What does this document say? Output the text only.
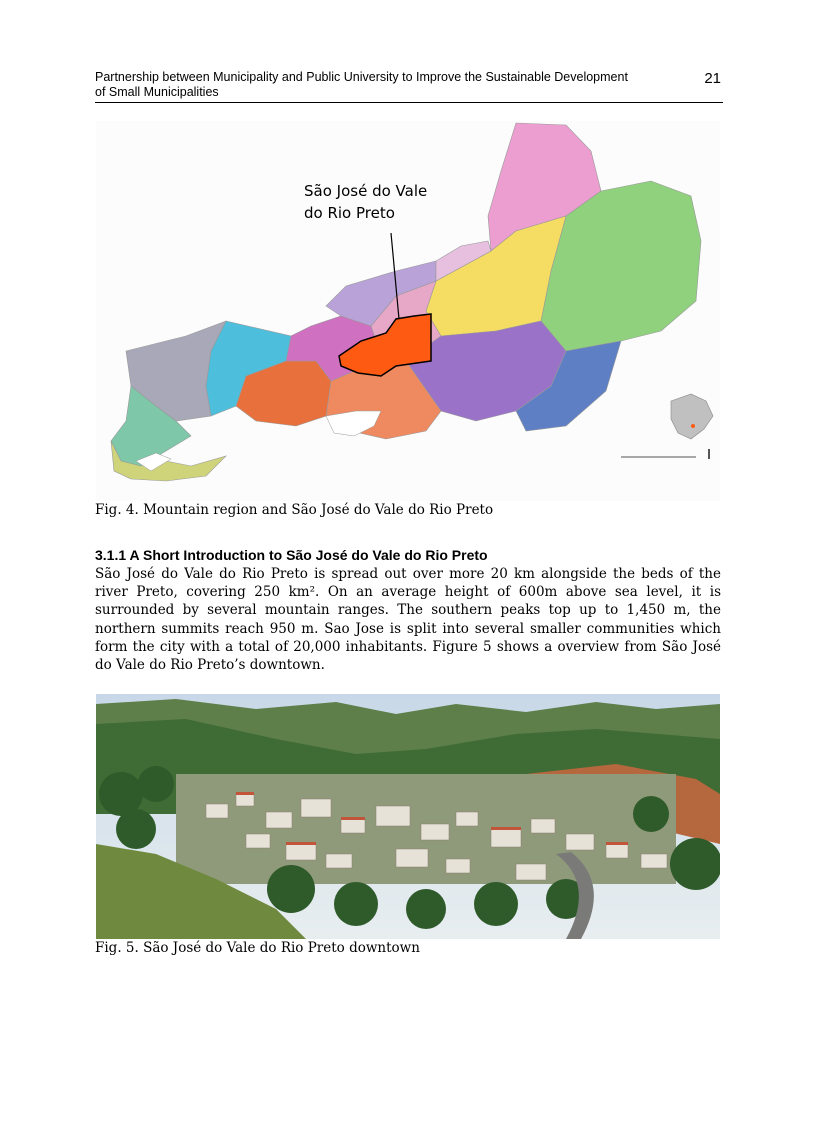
Partnership between Municipality and Public University to Improve the Sustainable Development of Small Municipalities
21
São José do Vale
do Rio Preto
Fig. 4. Mountain region and São José do Vale do Rio Preto
3.1.1 A Short Introduction to São José do Vale do Rio Preto

São José do Vale do Rio Preto is spread out over more 20 km alongside the beds of the river Preto, covering 250 km². On an average height of 600m above sea level, it is surrounded by several mountain ranges. The southern peaks top up to 1,450 m, the northern summits reach 950 m. Sao Jose is split into several smaller communities which form the city with a total of 20,000 inhabitants. Figure 5 shows a overview from São José do Vale do Rio Preto’s downtown.

Fig. 5. São José do Vale do Rio Preto downtown
